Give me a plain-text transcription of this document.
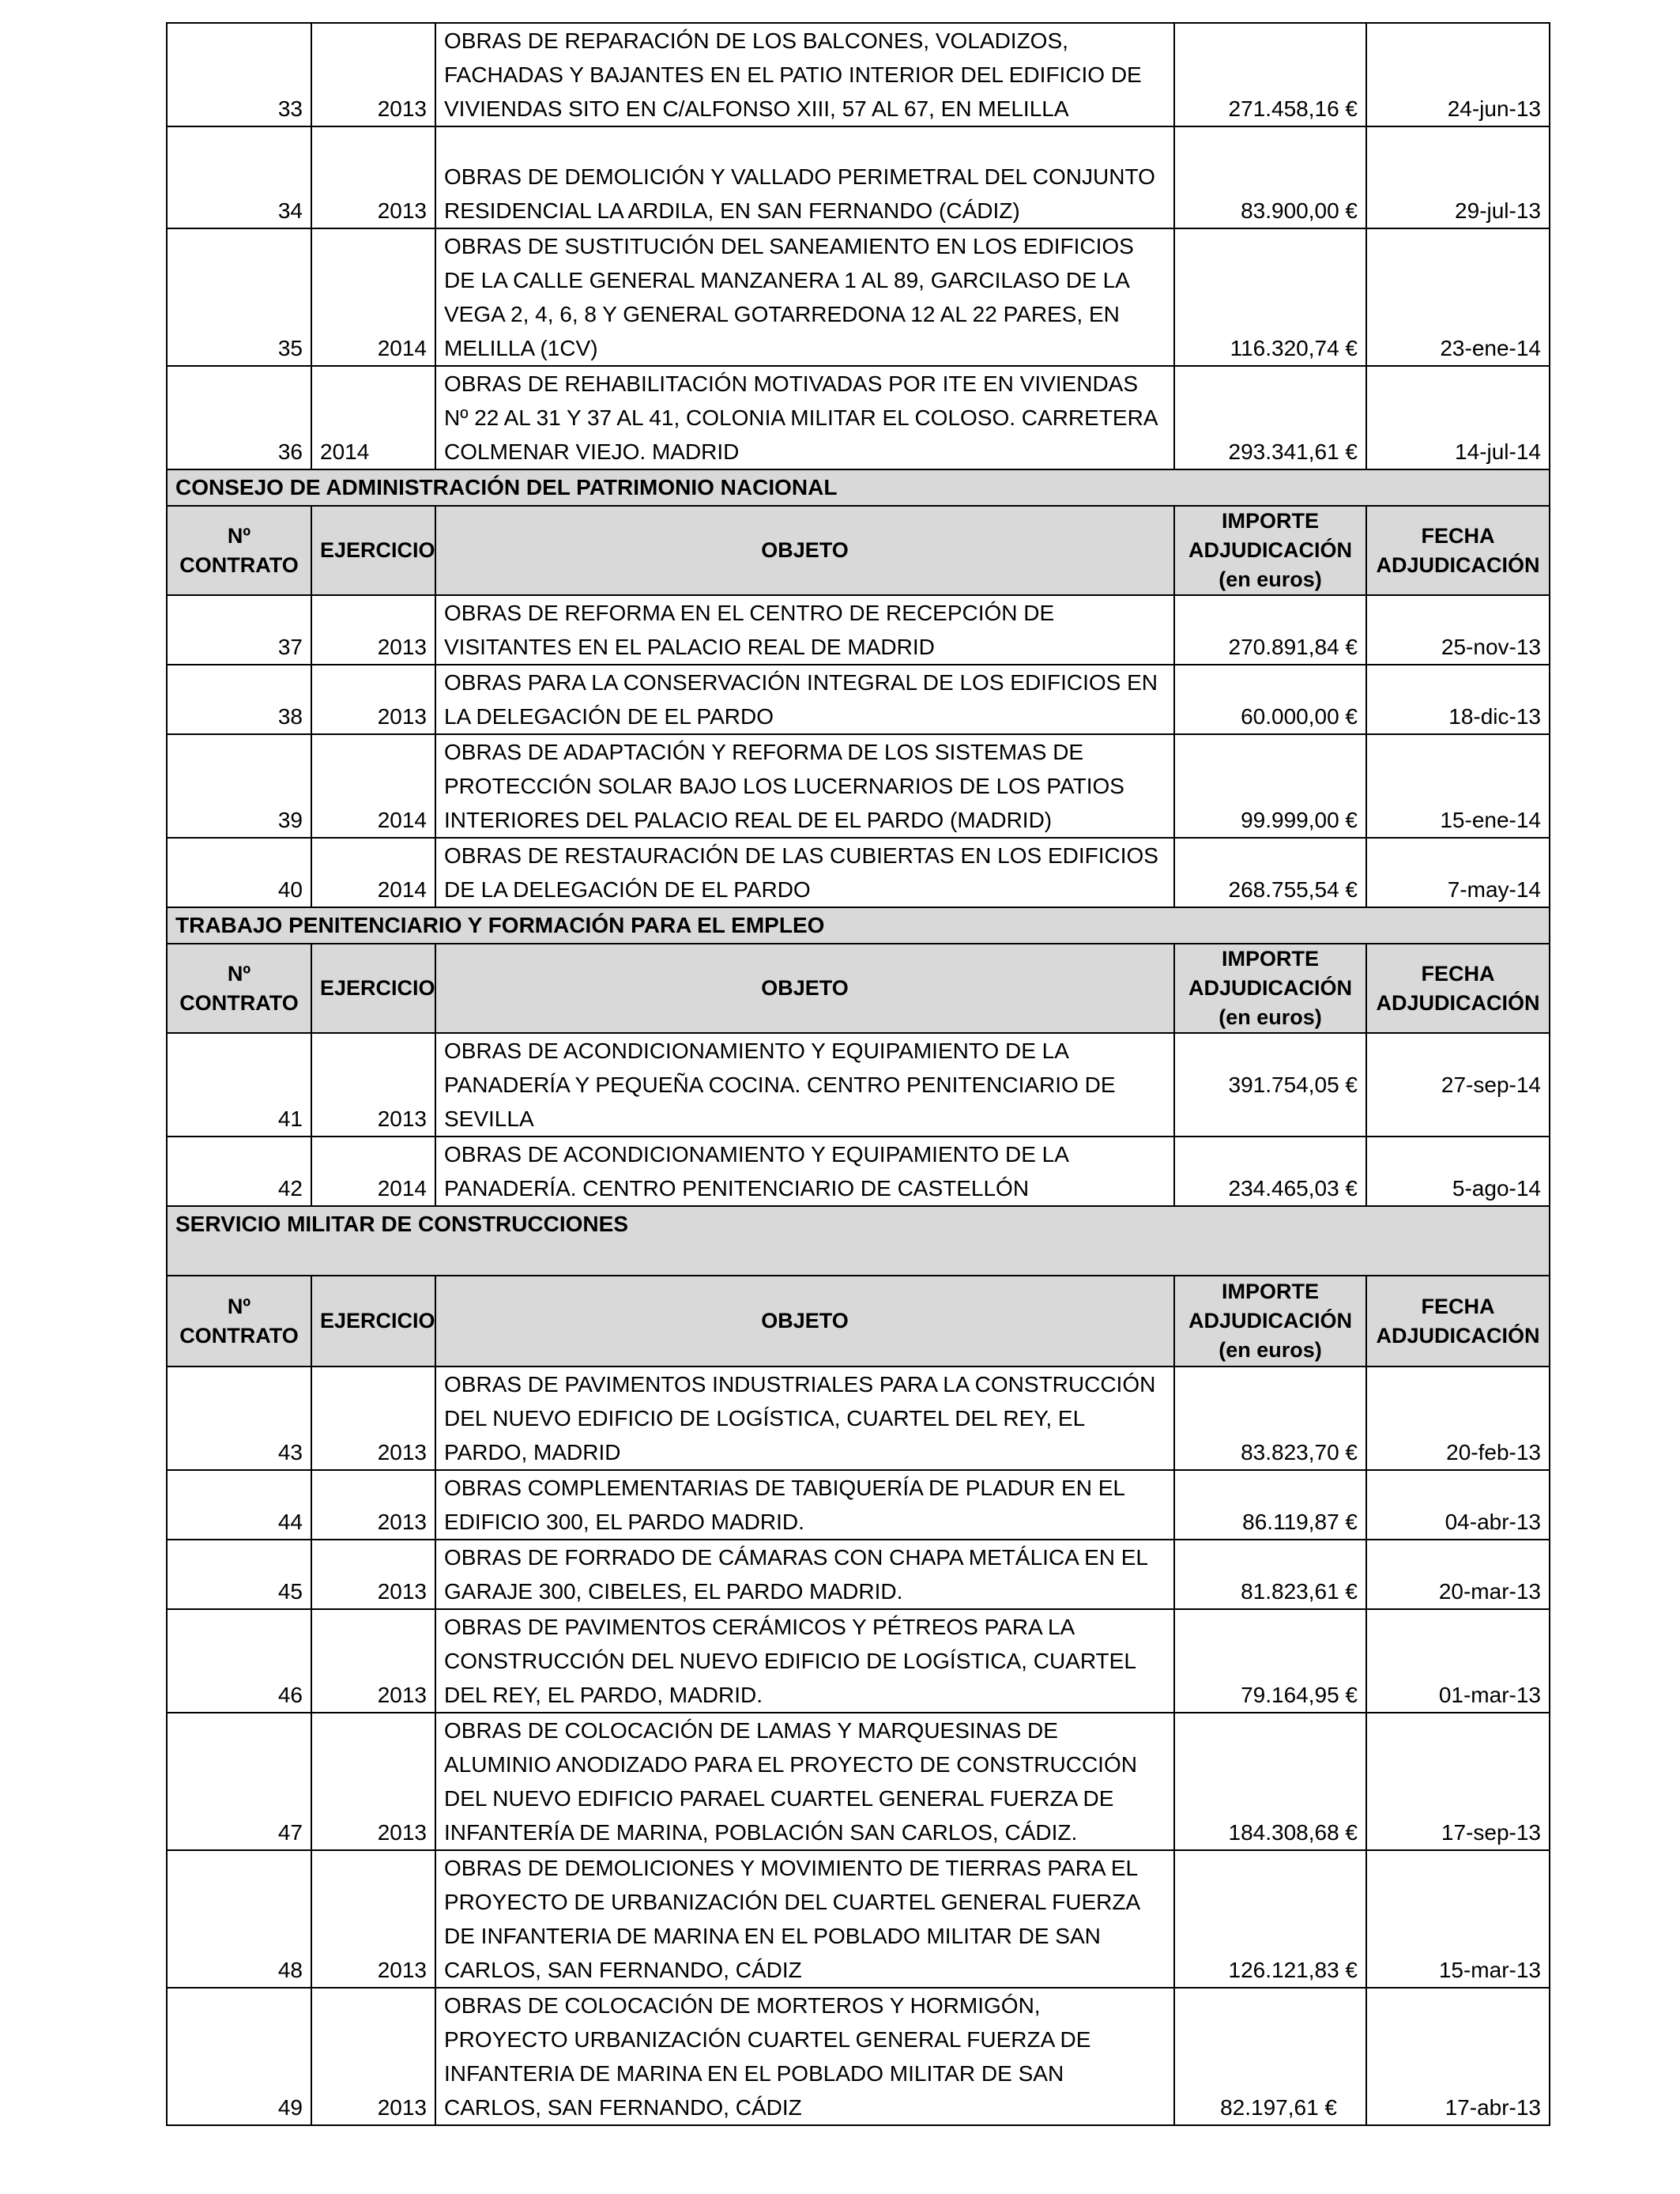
33	2013	OBRAS DE REPARACIÓN DE LOS BALCONES, VOLADIZOS, FACHADAS Y BAJANTES EN EL PATIO INTERIOR DEL EDIFICIO DE VIVIENDAS SITO EN C/ALFONSO XIII, 57 AL 67, EN MELILLA	271.458,16 €	24-jun-13
34	2013	OBRAS DE DEMOLICIÓN Y VALLADO PERIMETRAL DEL CONJUNTO RESIDENCIAL LA ARDILA, EN SAN FERNANDO (CÁDIZ)	83.900,00 €	29-jul-13
35	2014	OBRAS DE SUSTITUCIÓN DEL SANEAMIENTO EN LOS EDIFICIOS DE LA CALLE GENERAL MANZANERA 1 AL 89, GARCILASO DE LA VEGA 2, 4, 6, 8 Y GENERAL GOTARREDONA 12 AL 22 PARES, EN MELILLA (1CV)	116.320,74 €	23-ene-14
36	2014	OBRAS DE REHABILITACIÓN MOTIVADAS POR ITE EN VIVIENDAS Nº 22 AL 31 Y 37 AL 41, COLONIA MILITAR EL COLOSO. CARRETERA COLMENAR VIEJO. MADRID	293.341,61 €	14-jul-14
CONSEJO DE ADMINISTRACIÓN DEL PATRIMONIO NACIONAL				
Nº CONTRATO	EJERCICIO	OBJETO	IMPORTE ADJUDICACIÓN (en euros)	FECHA ADJUDICACIÓN
37	2013	OBRAS DE REFORMA EN EL CENTRO DE RECEPCIÓN DE VISITANTES EN EL PALACIO REAL DE MADRID	270.891,84 €	25-nov-13
38	2013	OBRAS PARA LA CONSERVACIÓN INTEGRAL DE LOS EDIFICIOS EN LA DELEGACIÓN DE EL PARDO	60.000,00 €	18-dic-13
39	2014	OBRAS DE ADAPTACIÓN Y REFORMA DE LOS SISTEMAS DE PROTECCIÓN SOLAR BAJO LOS LUCERNARIOS DE LOS PATIOS INTERIORES DEL PALACIO REAL DE EL PARDO (MADRID)	99.999,00 €	15-ene-14
40	2014	OBRAS DE RESTAURACIÓN DE LAS CUBIERTAS EN LOS EDIFICIOS DE LA DELEGACIÓN DE EL PARDO	268.755,54 €	7-may-14
TRABAJO PENITENCIARIO Y FORMACIÓN PARA EL EMPLEO				
Nº CONTRATO	EJERCICIO	OBJETO	IMPORTE ADJUDICACIÓN (en euros)	FECHA ADJUDICACIÓN
41	2013	OBRAS DE ACONDICIONAMIENTO Y EQUIPAMIENTO DE LA PANADERÍA Y PEQUEÑA COCINA. CENTRO PENITENCIARIO DE SEVILLA	391.754,05 €	27-sep-14
42	2014	OBRAS DE ACONDICIONAMIENTO Y EQUIPAMIENTO DE LA PANADERÍA. CENTRO PENITENCIARIO DE CASTELLÓN	234.465,03 €	5-ago-14
SERVICIO MILITAR DE CONSTRUCCIONES				
Nº CONTRATO	EJERCICIO	OBJETO	IMPORTE ADJUDICACIÓN (en euros)	FECHA ADJUDICACIÓN
43	2013	OBRAS DE PAVIMENTOS INDUSTRIALES PARA LA CONSTRUCCIÓN DEL NUEVO EDIFICIO DE LOGÍSTICA, CUARTEL DEL REY, EL PARDO, MADRID	83.823,70 €	20-feb-13
44	2013	OBRAS COMPLEMENTARIAS DE TABIQUERÍA DE PLADUR EN EL EDIFICIO 300, EL PARDO MADRID.	86.119,87 €	04-abr-13
45	2013	OBRAS DE FORRADO DE CÁMARAS CON CHAPA METÁLICA EN EL GARAJE 300, CIBELES, EL PARDO MADRID.	81.823,61 €	20-mar-13
46	2013	OBRAS DE PAVIMENTOS CERÁMICOS Y PÉTREOS PARA LA CONSTRUCCIÓN DEL NUEVO EDIFICIO DE LOGÍSTICA, CUARTEL DEL REY, EL PARDO, MADRID.	79.164,95 €	01-mar-13
47	2013	OBRAS DE COLOCACIÓN DE LAMAS Y MARQUESINAS DE ALUMINIO ANODIZADO PARA EL PROYECTO DE CONSTRUCCIÓN DEL NUEVO EDIFICIO PARAEL CUARTEL GENERAL FUERZA DE INFANTERÍA DE MARINA, POBLACIÓN SAN CARLOS, CÁDIZ.	184.308,68 €	17-sep-13
48	2013	OBRAS DE DEMOLICIONES Y MOVIMIENTO DE TIERRAS PARA EL PROYECTO DE URBANIZACIÓN DEL CUARTEL GENERAL FUERZA DE INFANTERIA DE MARINA EN EL POBLADO MILITAR DE SAN CARLOS, SAN FERNANDO, CÁDIZ	126.121,83 €	15-mar-13
49	2013	OBRAS DE COLOCACIÓN DE MORTEROS Y HORMIGÓN, PROYECTO URBANIZACIÓN CUARTEL GENERAL FUERZA DE INFANTERIA DE MARINA EN EL POBLADO MILITAR DE SAN CARLOS, SAN FERNANDO, CÁDIZ	82.197,61 €	17-abr-13
